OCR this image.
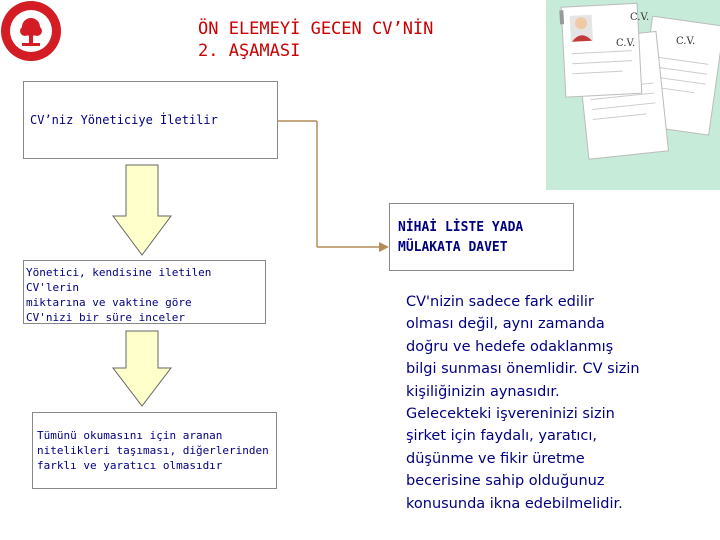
ÖN ELEMEYİ GECEN CV’NİN
2. AŞAMASI
C.V.
C.V.	C.V.
CV’niz Yöneticiye İletilir
Yönetici, kendisine iletilen CV'lerin
miktarına ve vaktine göre
CV'nizi bir süre inceler
Tümünü okumasını için aranan
nitelikleri taşıması, diğerlerinden
farklı ve yaratıcı olmasıdır
NİHAİ LİSTE YADA
MÜLAKATA DAVET
CV'nizin sadece fark edilir
olması değil, aynı zamanda
doğru ve hedefe odaklanmış
bilgi sunması önemlidir. CV sizin
kişiliğinizin aynasıdır.
Gelecekteki işvereninizi sizin
şirket için faydalı, yaratıcı,
düşünme ve fikir üretme
becerisine sahip olduğunuz
konusunda ikna edebilmelidir.
